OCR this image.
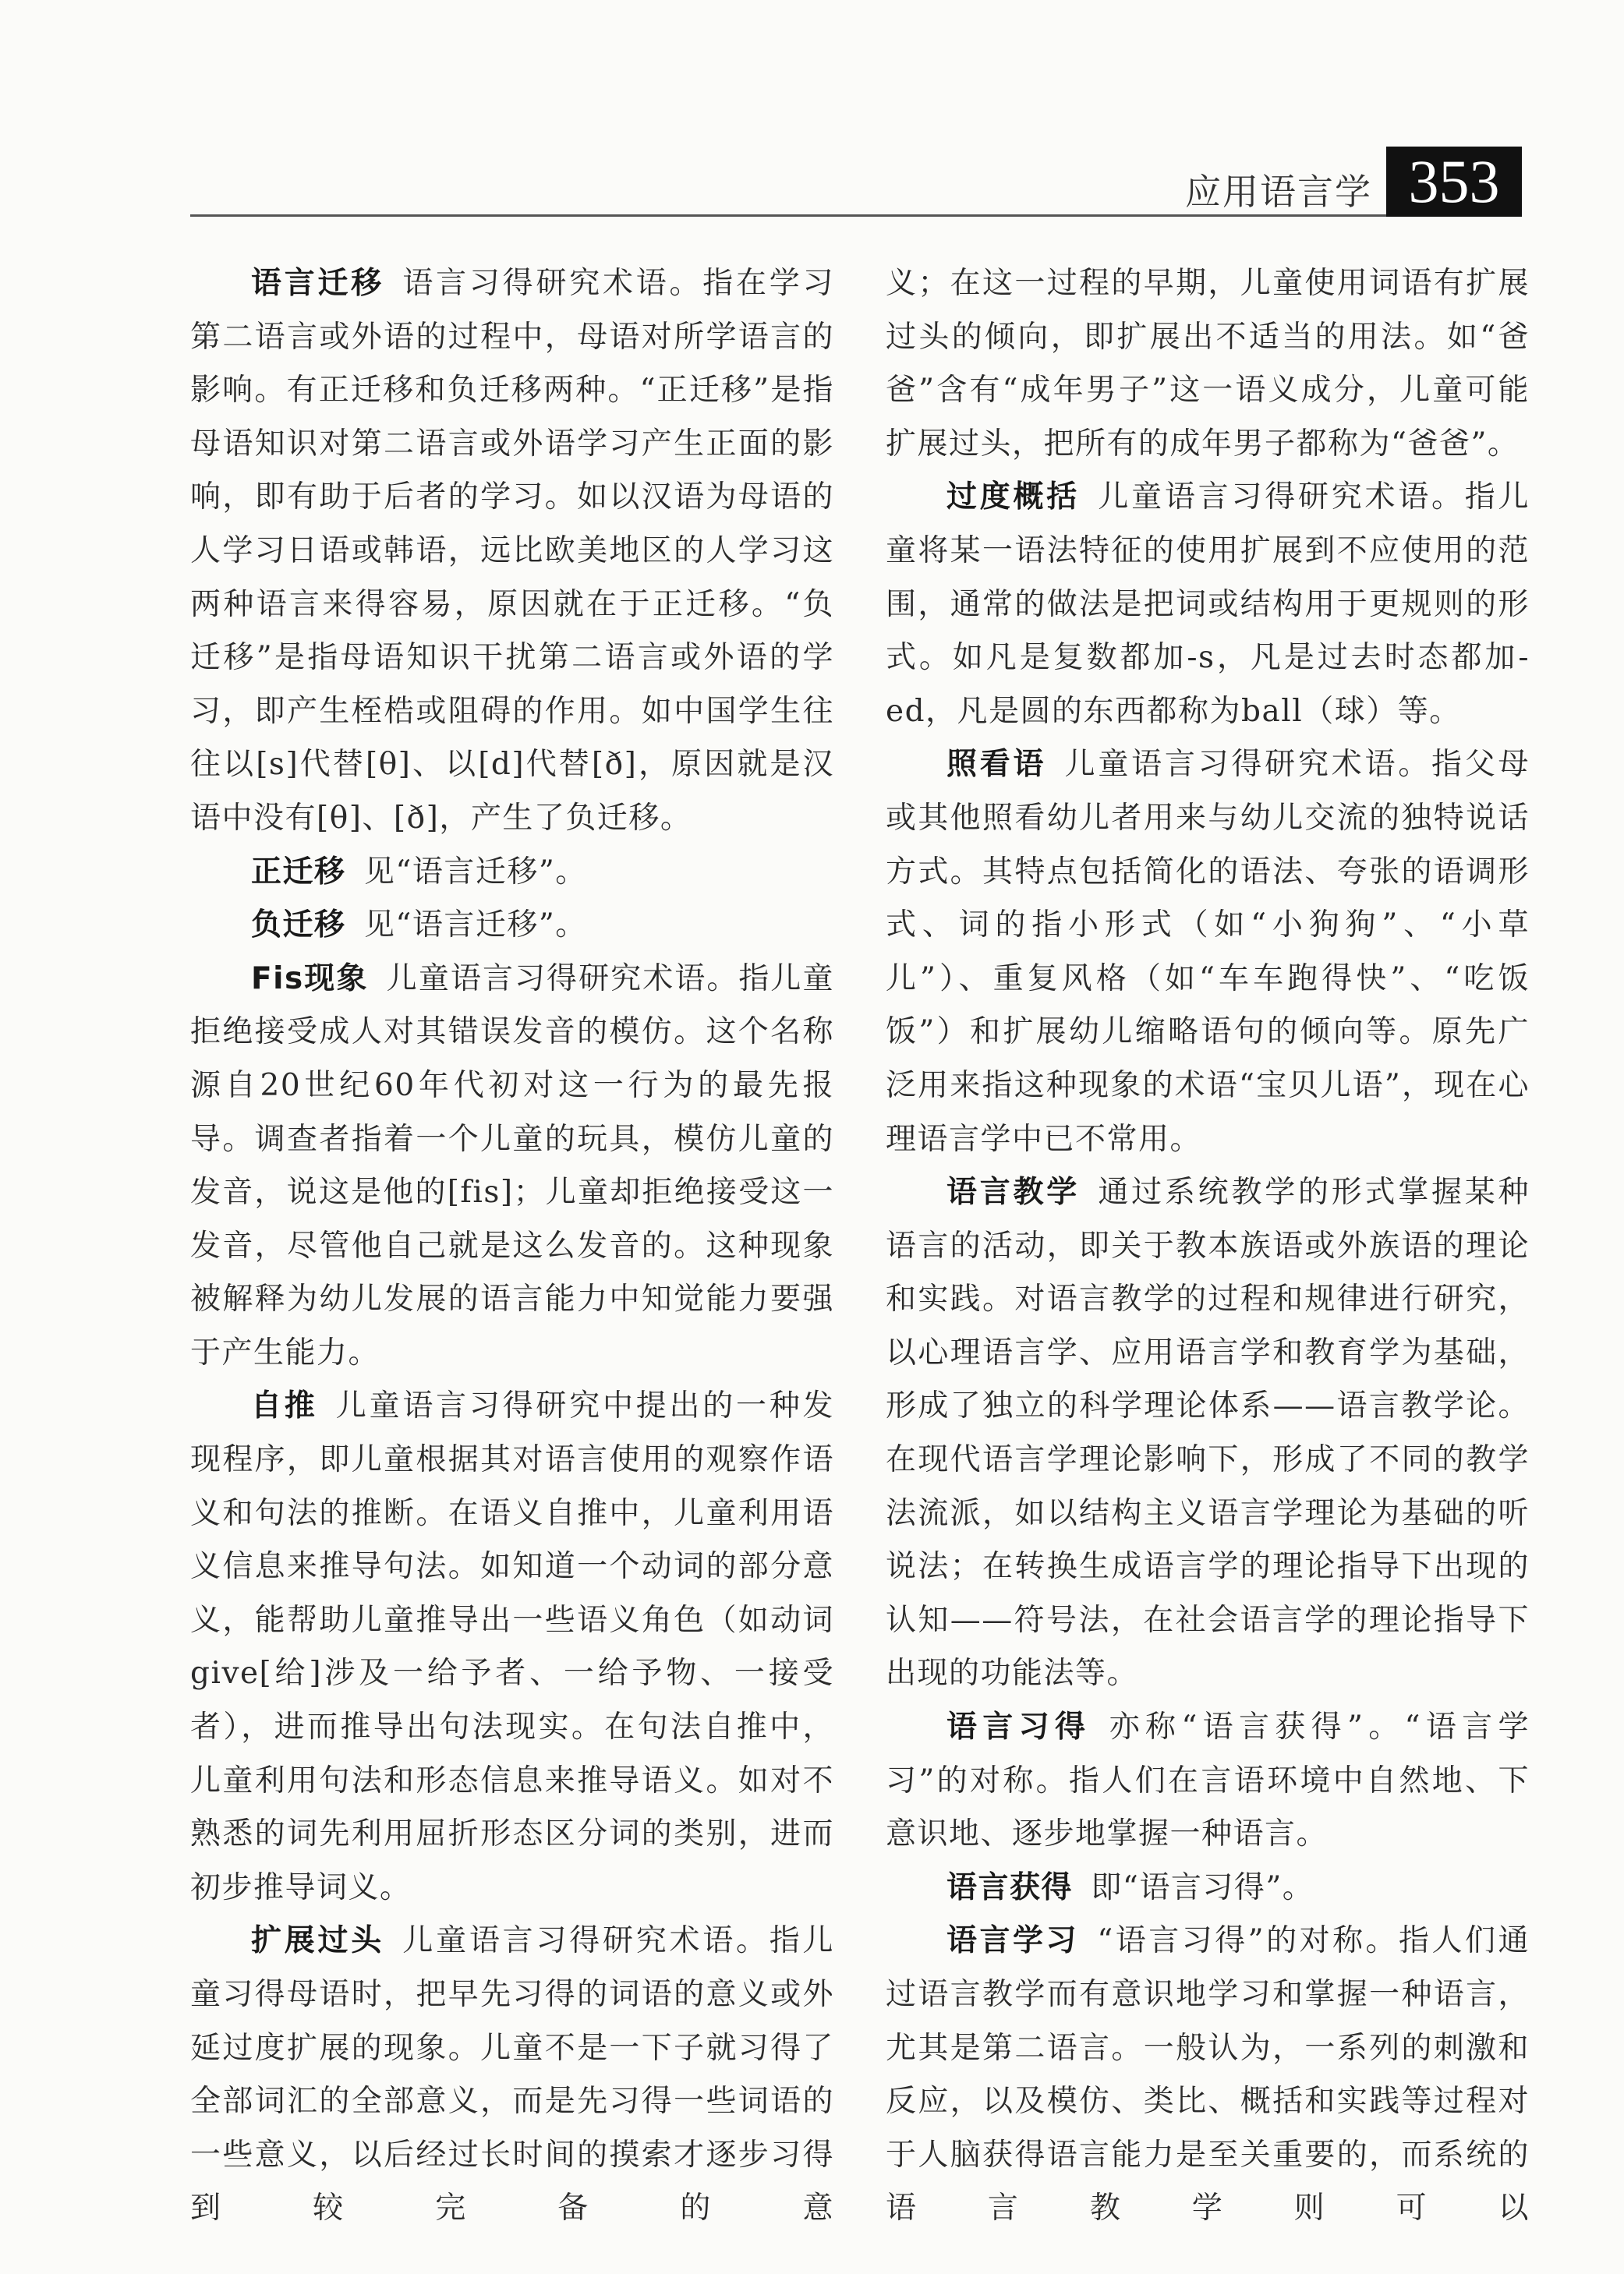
应用语言学 353

语言迁移 语言习得研究术语。指在学习第二语言或外语的过程中，母语对所学语言的影响。有正迁移和负迁移两种。“正迁移”是指母语知识对第二语言或外语学习产生正面的影响，即有助于后者的学习。如以汉语为母语的人学习日语或韩语，远比欧美地区的人学习这两种语言来得容易，原因就在于正迁移。“负迁移”是指母语知识干扰第二语言或外语的学习，即产生桎梏或阻碍的作用。如中国学生往往以[s]代替[θ]、以[d]代替[ð]，原因就是汉语中没有[θ]、[ð]，产生了负迁移。

正迁移 见“语言迁移”。

负迁移 见“语言迁移”。

Fis现象 儿童语言习得研究术语。指儿童拒绝接受成人对其错误发音的模仿。这个名称源自20世纪60年代初对这一行为的最先报导。调查者指着一个儿童的玩具，模仿儿童的发音，说这是他的[fis]；儿童却拒绝接受这一发音，尽管他自己就是这么发音的。这种现象被解释为幼儿发展的语言能力中知觉能力要强于产生能力。

自推 儿童语言习得研究中提出的一种发现程序，即儿童根据其对语言使用的观察作语义和句法的推断。在语义自推中，儿童利用语义信息来推导句法。如知道一个动词的部分意义，能帮助儿童推导出一些语义角色（如动词give[给]涉及一给予者、一给予物、一接受者），进而推导出句法现实。在句法自推中，儿童利用句法和形态信息来推导语义。如对不熟悉的词先利用屈折形态区分词的类别，进而初步推导词义。

扩展过头 儿童语言习得研究术语。指儿童习得母语时，把早先习得的词语的意义或外延过度扩展的现象。儿童不是一下子就习得了全部词汇的全部意义，而是先习得一些词语的一些意义，以后经过长时间的摸索才逐步习得到较完备的意

义；在这一过程的早期，儿童使用词语有扩展过头的倾向，即扩展出不适当的用法。如“爸爸”含有“成年男子”这一语义成分，儿童可能扩展过头，把所有的成年男子都称为“爸爸”。

过度概括 儿童语言习得研究术语。指儿童将某一语法特征的使用扩展到不应使用的范围，通常的做法是把词或结构用于更规则的形式。如凡是复数都加-s，凡是过去时态都加-ed，凡是圆的东西都称为ball（球）等。

照看语 儿童语言习得研究术语。指父母或其他照看幼儿者用来与幼儿交流的独特说话方式。其特点包括简化的语法、夸张的语调形式、词的指小形式（如“小狗狗”、“小草儿”）、重复风格（如“车车跑得快”、“吃饭饭”）和扩展幼儿缩略语句的倾向等。原先广泛用来指这种现象的术语“宝贝儿语”，现在心理语言学中已不常用。

语言教学 通过系统教学的形式掌握某种语言的活动，即关于教本族语或外族语的理论和实践。对语言教学的过程和规律进行研究，以心理语言学、应用语言学和教育学为基础，形成了独立的科学理论体系——语言教学论。在现代语言学理论影响下，形成了不同的教学法流派，如以结构主义语言学理论为基础的听说法；在转换生成语言学的理论指导下出现的认知——符号法，在社会语言学的理论指导下出现的功能法等。

语言习得 亦称“语言获得”。“语言学习”的对称。指人们在言语环境中自然地、下意识地、逐步地掌握一种语言。

语言获得 即“语言习得”。

语言学习 “语言习得”的对称。指人们通过语言教学而有意识地学习和掌握一种语言，尤其是第二语言。一般认为，一系列的刺激和反应，以及模仿、类比、概括和实践等过程对于人脑获得语言能力是至关重要的，而系统的语言教学则可以
